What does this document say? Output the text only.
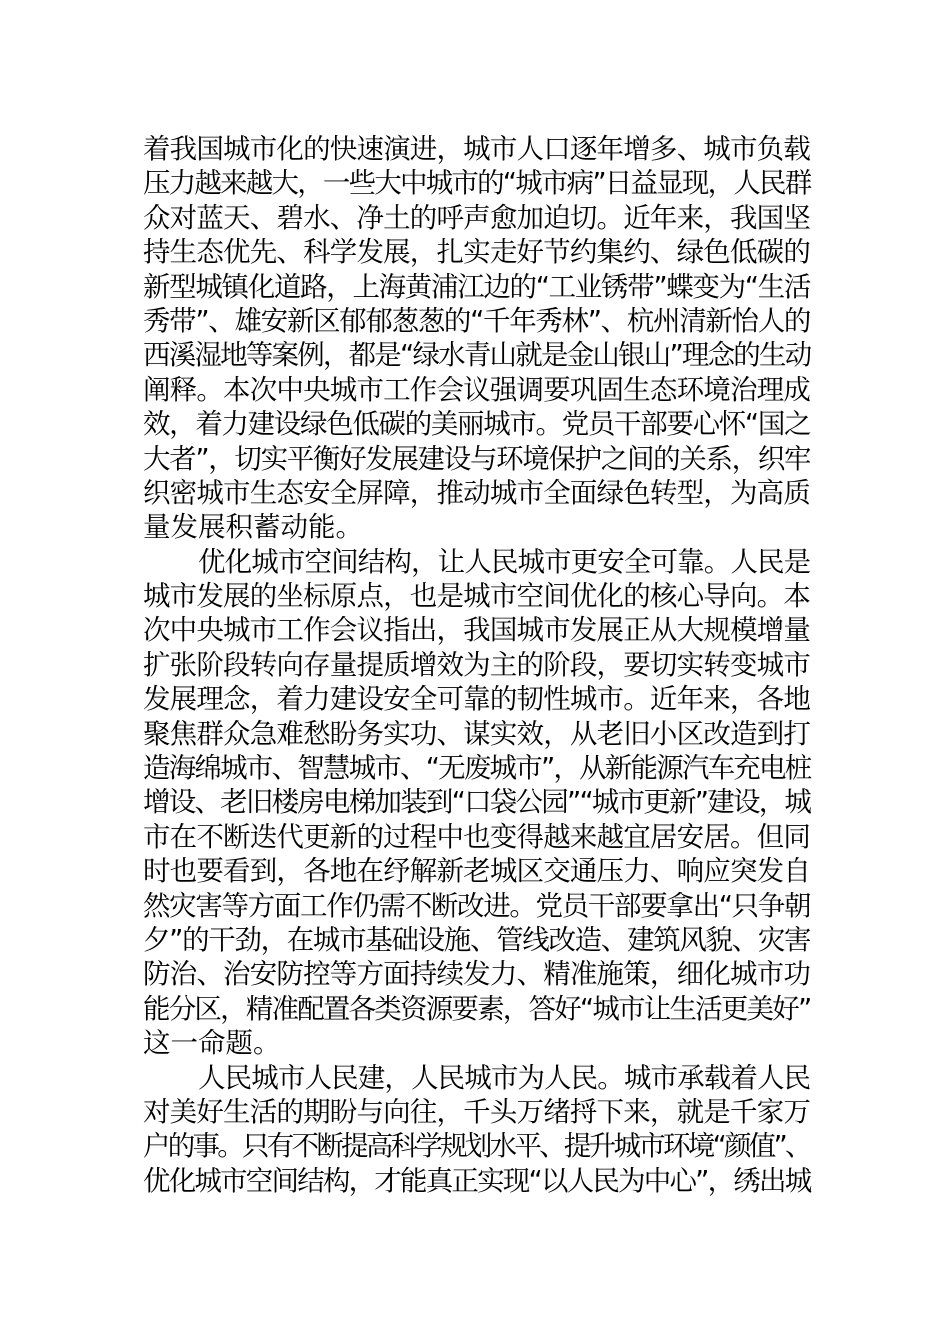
着我国城市化的快速演进，城市人口逐年增多、城市负载
压力越来越大，一些大中城市的“城市病”日益显现，人民群
众对蓝天、碧水、净土的呼声愈加迫切。近年来，我国坚
持生态优先、科学发展，扎实走好节约集约、绿色低碳的
新型城镇化道路，上海黄浦江边的“工业锈带”蝶变为“生活
秀带”、雄安新区郁郁葱葱的“千年秀林”、杭州清新怡人的
西溪湿地等案例，都是“绿水青山就是金山银山”理念的生动
阐释。本次中央城市工作会议强调要巩固生态环境治理成
效，着力建设绿色低碳的美丽城市。党员干部要心怀“国之
大者”，切实平衡好发展建设与环境保护之间的关系，织牢
织密城市生态安全屏障，推动城市全面绿色转型，为高质
量发展积蓄动能。

优化城市空间结构，让人民城市更安全可靠。人民是
城市发展的坐标原点，也是城市空间优化的核心导向。本
次中央城市工作会议指出，我国城市发展正从大规模增量
扩张阶段转向存量提质增效为主的阶段，要切实转变城市
发展理念，着力建设安全可靠的韧性城市。近年来，各地
聚焦群众急难愁盼务实功、谋实效，从老旧小区改造到打
造海绵城市、智慧城市、“无废城市”，从新能源汽车充电桩
增设、老旧楼房电梯加装到“口袋公园”“城市更新”建设，城
市在不断迭代更新的过程中也变得越来越宜居安居。但同
时也要看到，各地在纾解新老城区交通压力、响应突发自
然灾害等方面工作仍需不断改进。党员干部要拿出“只争朝
夕”的干劲，在城市基础设施、管线改造、建筑风貌、灾害
防治、治安防控等方面持续发力、精准施策，细化城市功
能分区，精准配置各类资源要素，答好“城市让生活更美好”
这一命题。

人民城市人民建，人民城市为人民。城市承载着人民
对美好生活的期盼与向往，千头万绪捋下来，就是千家万
户的事。只有不断提高科学规划水平、提升城市环境“颜值”、
优化城市空间结构，才能真正实现“以人民为中心”，绣出城
